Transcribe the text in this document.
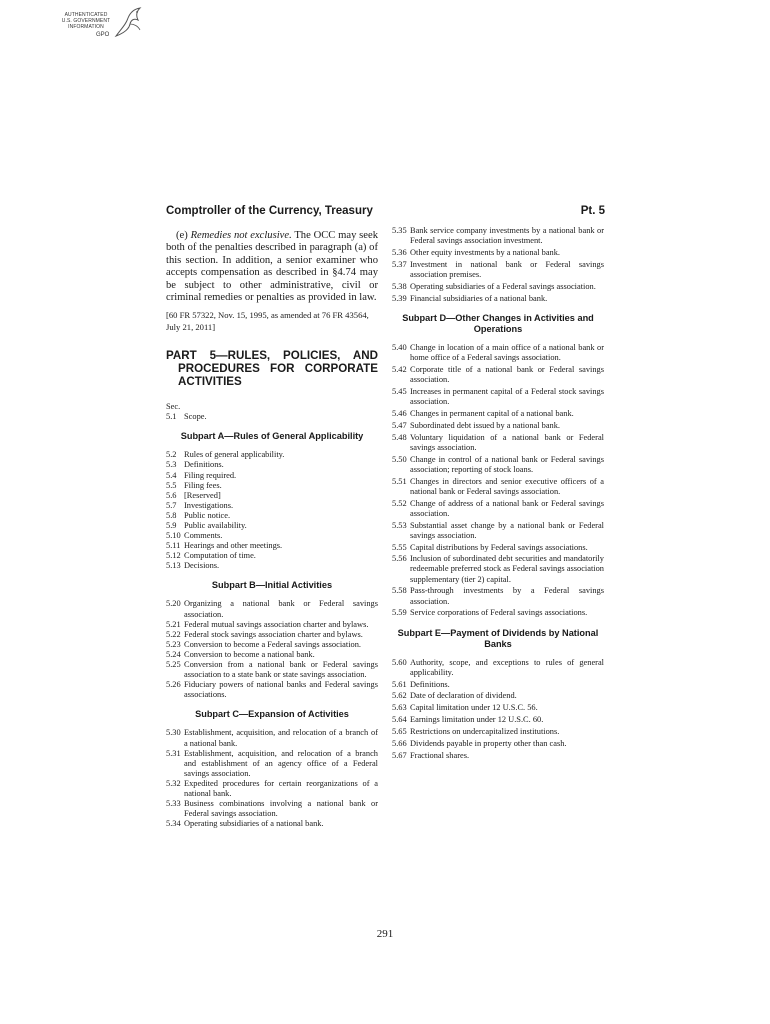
AUTHENTICATED
U.S. GOVERNMENT
INFORMATION
GPO
Comptroller of the Currency, Treasury	Pt. 5

(e) Remedies not exclusive. The OCC may seek both of the penalties described in paragraph (a) of this section. In addition, a senior examiner who accepts compensation as described in §4.74 may be subject to other administrative, civil or criminal remedies or penalties as provided in law.

[60 FR 57322, Nov. 15, 1995, as amended at 76 FR 43564, July 21, 2011]

PART 5—RULES, POLICIES, AND PROCEDURES FOR CORPORATE ACTIVITIES
Sec.
5.1 Scope.
Subpart A—Rules of General Applicability
5.2 Rules of general applicability.
5.3 Definitions.
5.4 Filing required.
5.5 Filing fees.
5.6 [Reserved]
5.7 Investigations.
5.8 Public notice.
5.9 Public availability.
5.10 Comments.
5.11 Hearings and other meetings.
5.12 Computation of time.
5.13 Decisions.
Subpart B—Initial Activities
5.20 Organizing a national bank or Federal savings association.
5.21 Federal mutual savings association charter and bylaws.
5.22 Federal stock savings association charter and bylaws.
5.23 Conversion to become a Federal savings association.
5.24 Conversion to become a national bank.
5.25 Conversion from a national bank or Federal savings association to a state bank or state savings association.
5.26 Fiduciary powers of national banks and Federal savings associations.
Subpart C—Expansion of Activities
5.30 Establishment, acquisition, and relocation of a branch of a national bank.
5.31 Establishment, acquisition, and relocation of a branch and establishment of an agency office of a Federal savings association.
5.32 Expedited procedures for certain reorganizations of a national bank.
5.33 Business combinations involving a national bank or Federal savings association.
5.34 Operating subsidiaries of a national bank.
5.35 Bank service company investments by a national bank or Federal savings association investment.
5.36 Other equity investments by a national bank.
5.37 Investment in national bank or Federal savings association premises.
5.38 Operating subsidiaries of a Federal savings association.
5.39 Financial subsidiaries of a national bank.
Subpart D—Other Changes in Activities and Operations
5.40 Change in location of a main office of a national bank or home office of a Federal savings association.
5.42 Corporate title of a national bank or Federal savings association.
5.45 Increases in permanent capital of a Federal stock savings association.
5.46 Changes in permanent capital of a national bank.
5.47 Subordinated debt issued by a national bank.
5.48 Voluntary liquidation of a national bank or Federal savings association.
5.50 Change in control of a national bank or Federal savings association; reporting of stock loans.
5.51 Changes in directors and senior executive officers of a national bank or Federal savings association.
5.52 Change of address of a national bank or Federal savings association.
5.53 Substantial asset change by a national bank or Federal savings association.
5.55 Capital distributions by Federal savings associations.
5.56 Inclusion of subordinated debt securities and mandatorily redeemable preferred stock as Federal savings association supplementary (tier 2) capital.
5.58 Pass-through investments by a Federal savings association.
5.59 Service corporations of Federal savings associations.
Subpart E—Payment of Dividends by National Banks
5.60 Authority, scope, and exceptions to rules of general applicability.
5.61 Definitions.
5.62 Date of declaration of dividend.
5.63 Capital limitation under 12 U.S.C. 56.
5.64 Earnings limitation under 12 U.S.C. 60.
5.65 Restrictions on undercapitalized institutions.
5.66 Dividends payable in property other than cash.
5.67 Fractional shares.
291
